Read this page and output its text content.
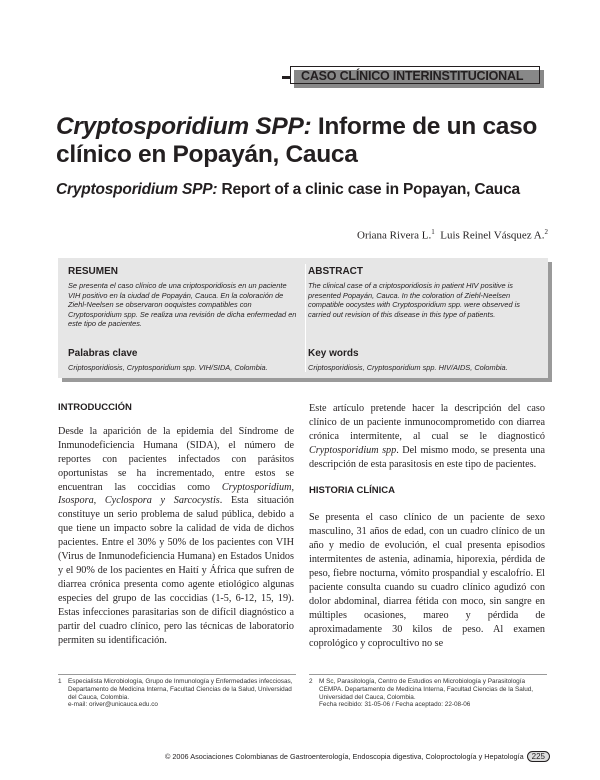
CASO CLÍNICO INTERINSTITUCIONAL
Cryptosporidium SPP: Informe de un caso clínico en Popayán, Cauca
Cryptosporidium SPP: Report of a clinic case in Popayan, Cauca
Oriana Rivera L.$^1$ Luis Reinel Vásquez A.$^2$
RESUMEN

Se presenta el caso clínico de una criptosporidiosis en un paciente VIH positivo en la ciudad de Popayán, Cauca. En la coloración de Ziehl-Neelsen se observaron ooquistes compatibles con Cryptosporidium spp. Se realiza una revisión de dicha enfermedad en este tipo de pacientes.

Palabras clave

Criptosporidiosis, Cryptosporidium spp. VIH/SIDA, Colombia.

ABSTRACT

The clinical case of a criptosporidiosis in patient HIV positive is presented Popayán, Cauca. In the coloration of Ziehl-Neelsen compatible oocystes with Cryptosporidium spp. were observed is carried out revision of this disease in this type of patients.

Key words

Criptosporidiosis, Cryptosporidium spp. HIV/AIDS, Colombia.

INTRODUCCIÓN

Desde la aparición de la epidemia del Síndrome de Inmunodeficiencia Humana (SIDA), el número de reportes con pacientes infectados con parásitos oportunistas se ha incrementado, entre estos se encuentran las coccidias como Cryptosporidium, Isospora, Cyclospora y Sarcocystis. Esta situación constituye un serio problema de salud pública, debido a que tiene un impacto sobre la calidad de vida de dichos pacientes. Entre el 30% y 50% de los pacientes con VIH (Virus de Inmunodeficiencia Humana) en Estados Unidos y el 90% de los pacientes en Haití y África que sufren de diarrea crónica presenta como agente etiológico algunas especies del grupo de las coccidias (1-5, 6-12, 15, 19). Estas infecciones parasitarias son de difícil diagnóstico a partir del cuadro clínico, pero las técnicas de laboratorio permiten su identificación.

Este artículo pretende hacer la descripción del caso clínico de un paciente inmunocomprometido con diarrea crónica intermitente, al cual se le diagnosticó Cryptosporidium spp. Del mismo modo, se presenta una descripción de esta parasitosis en este tipo de pacientes.

HISTORIA CLÍNICA

Se presenta el caso clínico de un paciente de sexo masculino, 31 años de edad, con un cuadro clínico de un año y medio de evolución, el cual presenta episodios intermitentes de astenia, adinamia, hiporexia, pérdida de peso, fiebre nocturna, vómito prospandial y escalofrío. El paciente consulta cuando su cuadro clínico agudizó con dolor abdominal, diarrea fétida con moco, sin sangre en múltiples ocasiones, mareo y pérdida de aproximadamente 30 kilos de peso. Al examen coprológico y coprocultivo no se

1	Especialista Microbiología, Grupo de Inmunología y Enfermedades infecciosas, Departamento de Medicina Interna, Facultad Ciencias de la Salud, Universidad del Cauca, Colombia.
e-mail: oriver@unicauca.edu.co
2	M Sc, Parasitología, Centro de Estudios en Microbiología y Parasitología CEMPA. Departamento de Medicina Interna, Facultad Ciencias de la Salud, Universidad del Cauca, Colombia.
Fecha recibido: 31-05-06 / Fecha aceptado: 22-08-06
© 2006 Asociaciones Colombianas de Gastroenterología, Endoscopia digestiva, Coloproctología y Hepatología 225
